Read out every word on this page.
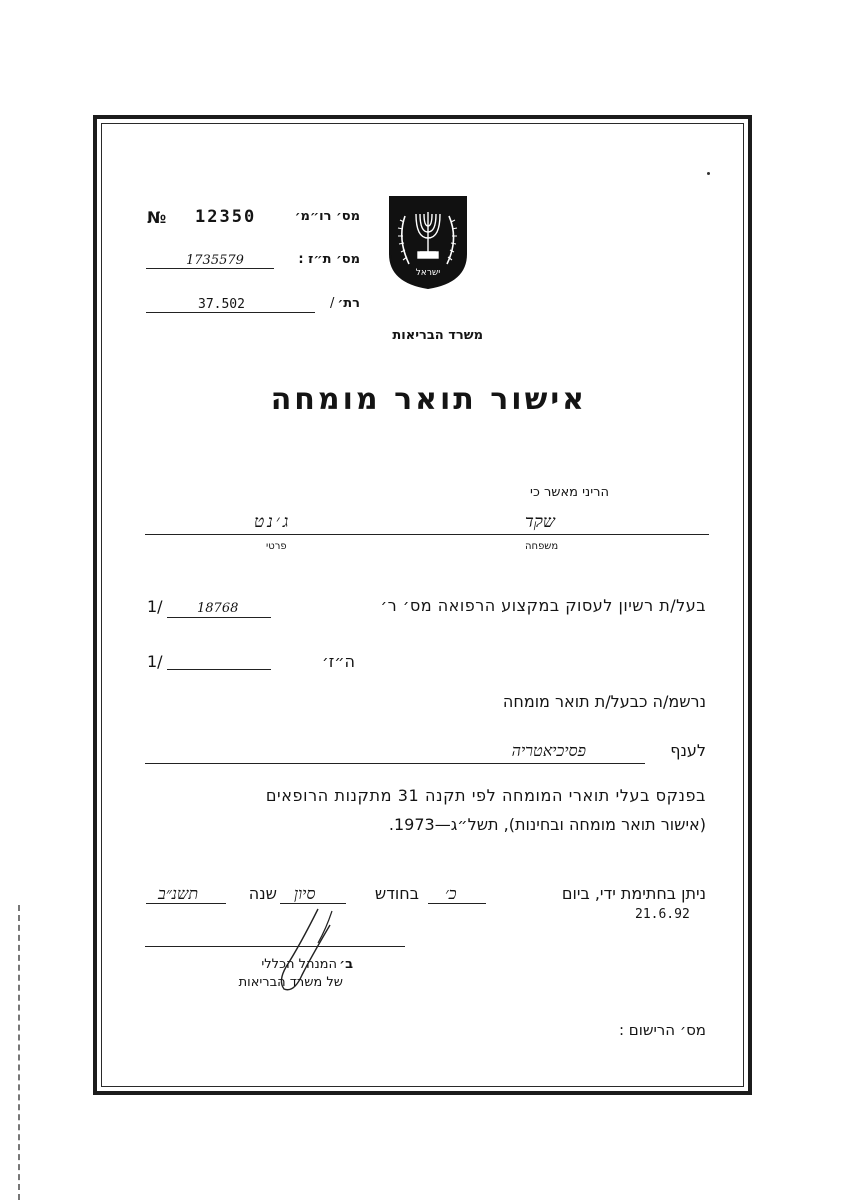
№ 12350	מס׳ רו״מ׳
1735579	מס׳ ת״ז :
37.502	/ רת׳
ישראל
משרד הבריאות
אישור תואר מומחה
הריני מאשר כי
שקד
משפחה
ג׳נט
פרטי
1/	18768	בעל/ת רשיון לעסוק במקצוע הרפואה מס׳ ר׳
1/	ה״ז׳
נרשמ/ה כבעל/ת תואר מומחה
פסיכיאטריה	לענף
בפנקס בעלי תוארי המומחה לפי תקנה 31 מתקנות הרופאים
(אישור תואר מומחה ובחינות), תשל״ג—1973.
ניתן בחתימת ידי, ביום
כ׳
בחודש
סיון
שנה
תשנ״ב
21.6.92
ב׳
המנהל הכללי
של משרד הבריאות
מס׳ הרישום :
